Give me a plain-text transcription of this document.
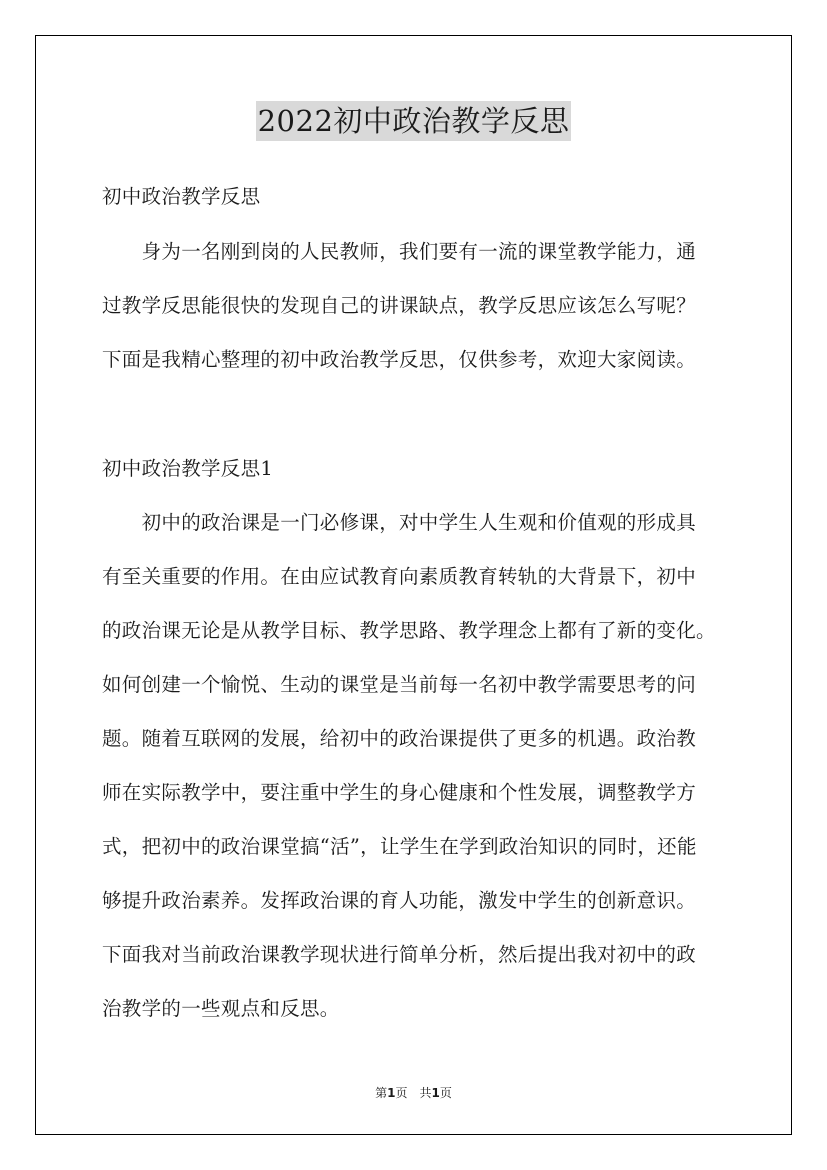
2022初中政治教学反思
初中政治教学反思
　　身为一名刚到岗的人民教师，我们要有一流的课堂教学能力，通
过教学反思能很快的发现自己的讲课缺点，教学反思应该怎么写呢？
下面是我精心整理的初中政治教学反思，仅供参考，欢迎大家阅读。
初中政治教学反思1
　　初中的政治课是一门必修课，对中学生人生观和价值观的形成具
有至关重要的作用。在由应试教育向素质教育转轨的大背景下，初中
的政治课无论是从教学目标、教学思路、教学理念上都有了新的变化。
如何创建一个愉悦、生动的课堂是当前每一名初中教学需要思考的问
题。随着互联网的发展，给初中的政治课提供了更多的机遇。政治教
师在实际教学中，要注重中学生的身心健康和个性发展，调整教学方
式，把初中的政治课堂搞“活”，让学生在学到政治知识的同时，还能
够提升政治素养。发挥政治课的育人功能，激发中学生的创新意识。
下面我对当前政治课教学现状进行简单分析，然后提出我对初中的政
治教学的一些观点和反思。
第1页　共1页
